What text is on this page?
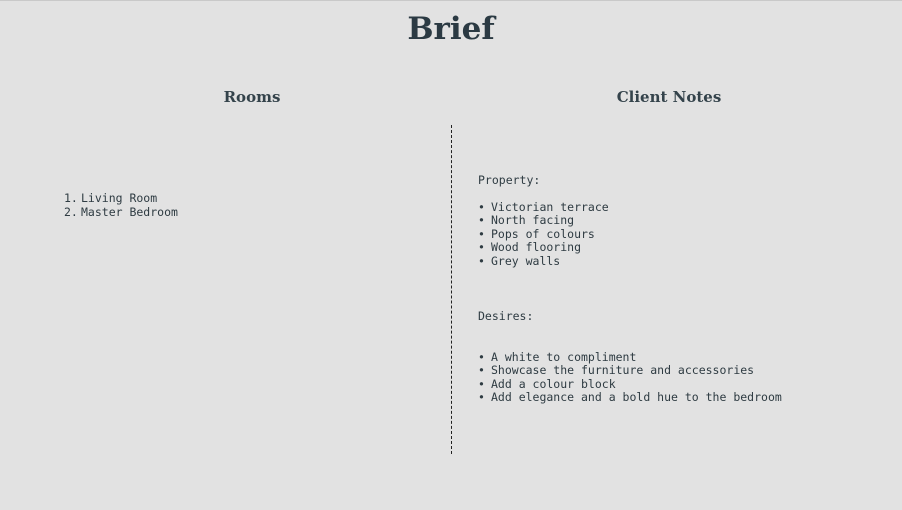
Brief
Rooms	Client Notes
1. Living Room
2. Master Bedroom

Property:

• Victorian terrace
• North facing
• Pops of colours
• Wood flooring
• Grey walls

Desires:

• A white to compliment
• Showcase the furniture and accessories
• Add a colour block
• Add elegance and a bold hue to the bedroom
